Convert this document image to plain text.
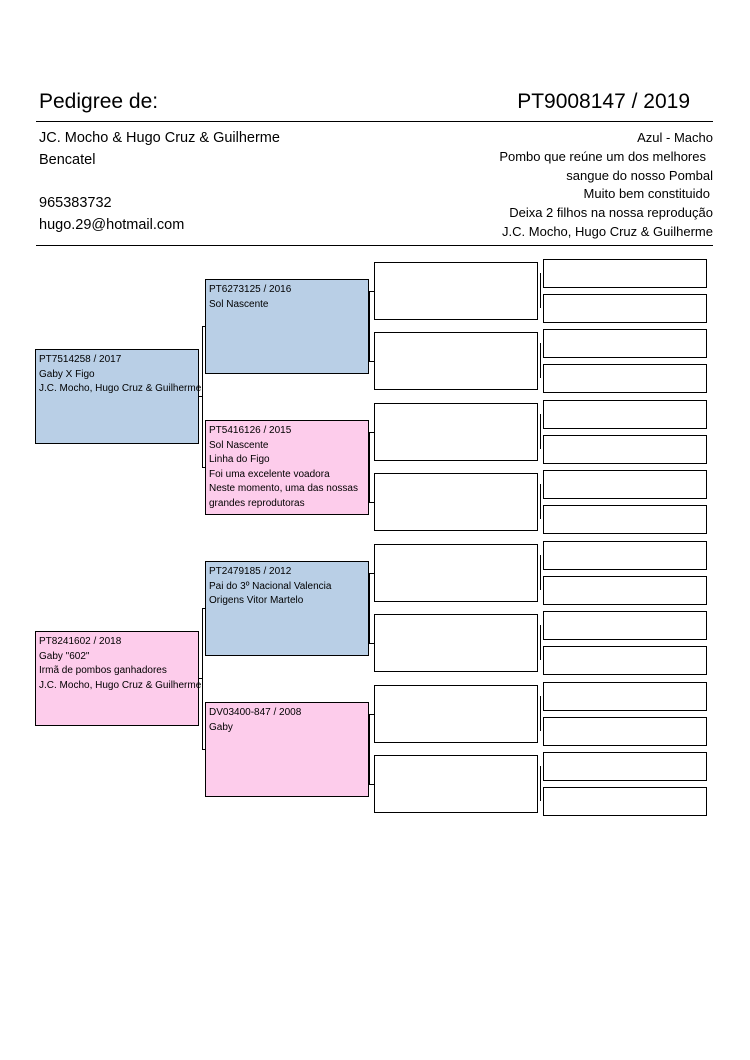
Pedigree de:	PT9008147 / 2019
JC. Mocho & Hugo Cruz & Guilherme
Bencatel
965383732
hugo.29@hotmail.com
Azul - Macho
Pombo que reúne um dos melhores
sangue do nosso Pombal
Muito bem constituido
Deixa 2 filhos na nossa reprodução
J.C. Mocho, Hugo Cruz & Guilherme
PT7514258 / 2017
Gaby X Figo
J.C. Mocho, Hugo Cruz & Guilherme
PT8241602 / 2018
Gaby "602"
Irmã de pombos ganhadores
J.C. Mocho, Hugo Cruz & Guilherme
PT6273125 / 2016
Sol Nascente
PT5416126 / 2015
Sol Nascente
Linha do Figo
Foi uma excelente voadora
Neste momento, uma das nossas
grandes reprodutoras
PT2479185 / 2012
Pai do 3º Nacional Valencia
Origens Vitor Martelo
DV03400-847 / 2008
Gaby
